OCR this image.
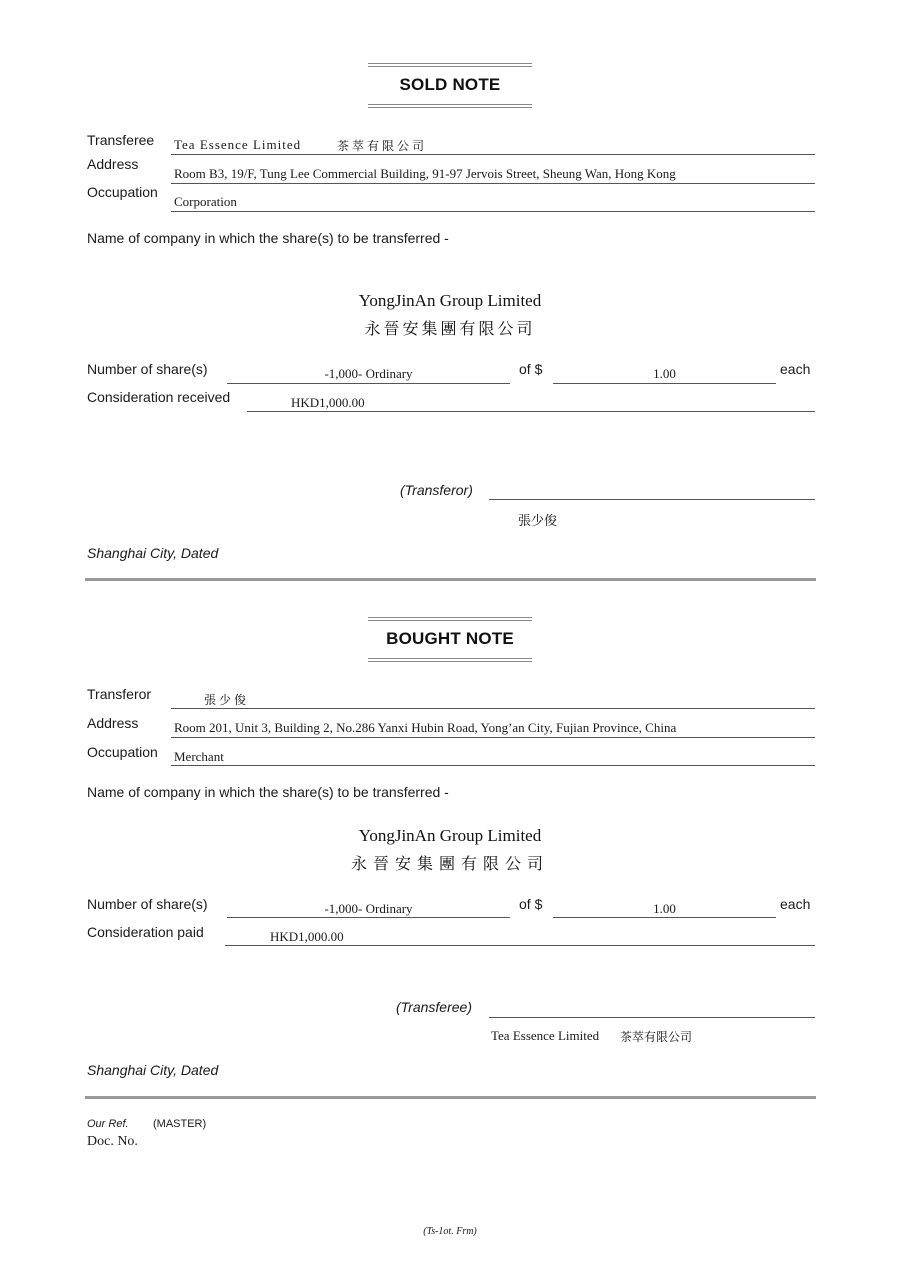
SOLD NOTE
Transferee Tea Essence Limited	茶萃有限公司
Address
Room B3, 19/F, Tung Lee Commercial Building, 91-97 Jervois Street, Sheung Wan, Hong Kong
Occupation
Corporation
Name of company in which the share(s) to be transferred -
YongJinAn Group Limited
永晉安集團有限公司
Number of share(s)	-1,000- Ordinary	of $	1.00	each
Consideration received	HKD1,000.00
(Transferor)
張少俊
Shanghai City, Dated
BOUGHT NOTE
Transferor	張少俊
Address	Room 201, Unit 3, Building 2, No.286 Yanxi Hubin Road, Yong’an City, Fujian Province, China
Occupation Merchant
Name of company in which the share(s) to be transferred -
YongJinAn Group Limited
永晉安集團有限公司
Number of share(s)	-1,000- Ordinary	of $	1.00	each
Consideration paid	HKD1,000.00
(Transferee)
Tea Essence Limited 茶萃有限公司
Shanghai City, Dated
Our Ref. (MASTER)
Doc. No.
(Ts-1ot. Frm)
